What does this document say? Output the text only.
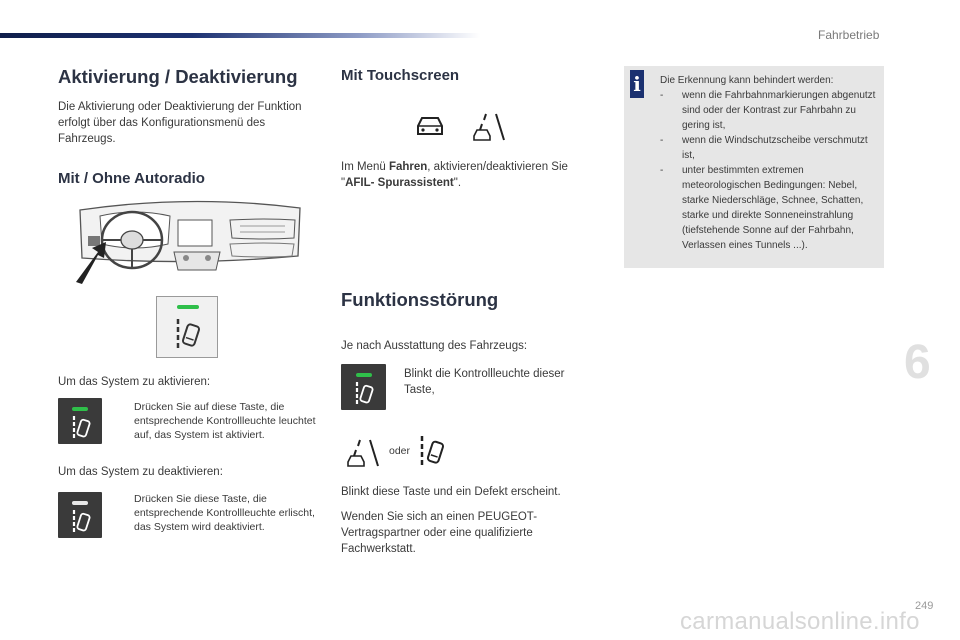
Fahrbetrieb
Aktivierung / Deaktivierung
Die Aktivierung oder Deaktivierung der Funktion erfolgt über das Konfigurationsmenü des Fahrzeugs.
Mit / Ohne Autoradio
Um das System zu aktivieren:
Drücken Sie auf diese Taste, die entsprechende Kontrollleuchte leuchtet auf, das System ist aktiviert.
Um das System zu deaktivieren:
Drücken Sie diese Taste, die entsprechende Kontrollleuchte erlischt, das System wird deaktiviert.
Mit Touchscreen
Im Menü Fahren, aktivieren/deaktivieren Sie "AFIL- Spurassistent".
Funktionsstörung
Je nach Ausstattung des Fahrzeugs:
Blinkt die Kontrollleuchte dieser Taste,
oder
Blinkt diese Taste und ein Defekt erscheint.
Wenden Sie sich an einen PEUGEOT-Vertragspartner oder eine qualifizierte Fachwerkstatt.
i	Die Erkennung kann behindert werden:
- wenn die Fahrbahnmarkierungen abgenutzt sind oder der Kontrast zur Fahrbahn zu gering ist,
- wenn die Windschutzscheibe verschmutzt ist,
- unter bestimmten extremen meteorologischen Bedingungen: Nebel, starke Niederschläge, Schnee, Schatten, starke und direkte Sonneneinstrahlung (tiefstehende Sonne auf der Fahrbahn, Verlassen eines Tunnels ...).
6
249
carmanualsonline.info
